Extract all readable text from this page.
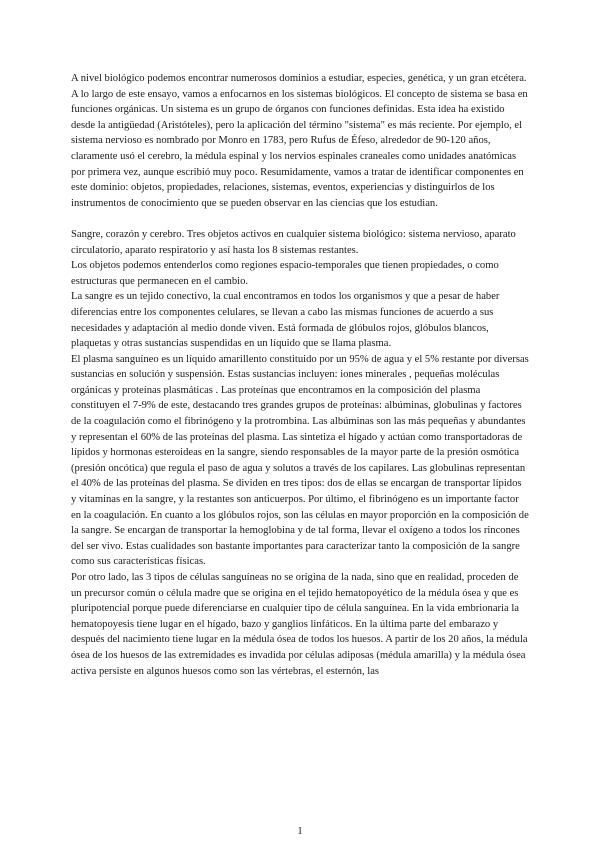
A nivel biológico podemos encontrar numerosos dominios a estudiar, especies, genética, y un gran etcétera. A lo largo de este ensayo, vamos a enfocarnos en los sistemas biológicos. El concepto de sistema se basa en funciones orgánicas. Un sistema es un grupo de órganos con funciones definidas. Esta idea ha existido desde la antigüedad (Aristóteles), pero la aplicación del término "sistema" es más reciente. Por ejemplo, el sistema nervioso es nombrado por Monro en 1783, pero Rufus de Éfeso, alrededor de 90-120 años, claramente usó el cerebro, la médula espinal y los nervios espinales craneales como unidades anatómicas por primera vez, aunque escribió muy poco. Resumidamente, vamos a tratar de identificar componentes en este dominio: objetos, propiedades, relaciones, sistemas, eventos, experiencias y distinguirlos de los instrumentos de conocimiento que se pueden observar en las ciencias que los estudian.

Sangre, corazón y cerebro. Tres objetos activos en cualquier sistema biológico: sistema nervioso, aparato circulatorio, aparato respiratorio y así hasta los 8 sistemas restantes.

Los objetos podemos entenderlos como regiones espacio-temporales que tienen propiedades, o como estructuras que permanecen en el cambio.

La sangre es un tejido conectivo, la cual encontramos en todos los organismos y que a pesar de haber diferencias entre los componentes celulares, se llevan a cabo las mismas funciones de acuerdo a sus necesidades y adaptación al medio donde viven. Está formada de glóbulos rojos, glóbulos blancos, plaquetas y otras sustancias suspendidas en un líquido que se llama plasma.

El plasma sanguíneo es un líquido amarillento constituido por un 95% de agua y el 5% restante por diversas sustancias en solución y suspensión. Estas sustancias incluyen: iones minerales , pequeñas moléculas orgánicas y proteínas plasmáticas . Las proteínas que encontramos en la composición del plasma constituyen el 7-9% de este, destacando tres grandes grupos de proteínas: albúminas, globulinas y factores de la coagulación como el fibrinógeno y la protrombina. Las albúminas son las más pequeñas y abundantes y representan el 60% de las proteínas del plasma. Las sintetiza el hígado y actúan como transportadoras de lípidos y hormonas esteroideas en la sangre, siendo responsables de la mayor parte de la presión osmótica (presión oncótica) que regula el paso de agua y solutos a través de los capilares. Las globulinas representan el 40% de las proteínas del plasma. Se dividen en tres tipos: dos de ellas se encargan de transportar lípidos y vitaminas en la sangre, y la restantes son anticuerpos. Por último, el fibrinógeno es un importante factor en la coagulación. En cuanto a los glóbulos rojos, son las células en mayor proporción en la composición de la sangre. Se encargan de transportar la hemoglobina y de tal forma, llevar el oxígeno a todos los rincones del ser vivo. Estas cualidades son bastante importantes para caracterizar tanto la composición de la sangre como sus características físicas.

Por otro lado, las 3 tipos de células sanguíneas no se origina de la nada, sino que en realidad, proceden de un precursor común o célula madre que se origina en el tejido hematopoyético de la médula ósea y que es pluripotencial porque puede diferenciarse en cualquier tipo de célula sanguínea. En la vida embrionaria la hematopoyesis tiene lugar en el hígado, bazo y ganglios linfáticos. En la última parte del embarazo y después del nacimiento tiene lugar en la médula ósea de todos los huesos. A partir de los 20 años, la médula ósea de los huesos de las extremidades es invadida por células adiposas (médula amarilla) y la médula ósea activa persiste en algunos huesos como son las vértebras, el esternón, las

1
